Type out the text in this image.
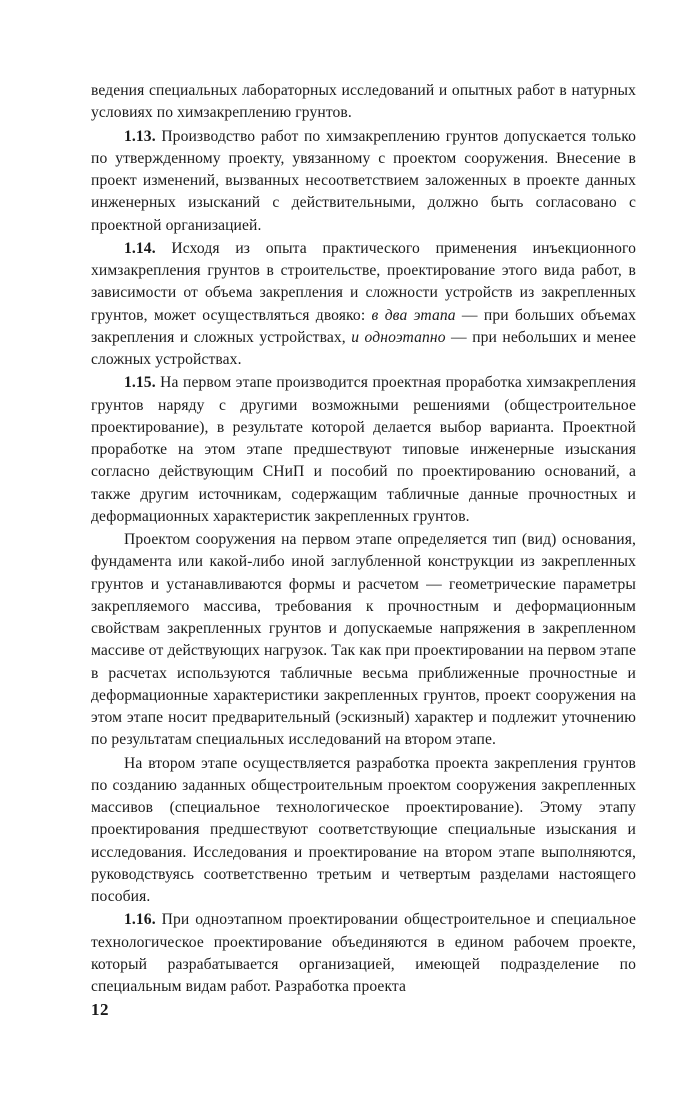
ведения специальных лабораторных исследований и опытных работ в натурных условиях по химзакреплению грунтов.

1.13. Производство работ по химзакреплению грунтов допускается только по утвержденному проекту, увязанному с проектом сооружения. Внесение в проект изменений, вызванных несоответствием заложенных в проекте данных инженерных изысканий с действительными, должно быть согласовано с проектной организацией.

1.14. Исходя из опыта практического применения инъекционного химзакрепления грунтов в строительстве, проектирование этого вида работ, в зависимости от объема закрепления и сложности устройств из закрепленных грунтов, может осуществляться двояко: в два этапа — при больших объемах закрепления и сложных устройствах, и одноэтапно — при небольших и менее сложных устройствах.

1.15. На первом этапе производится проектная проработка химзакрепления грунтов наряду с другими возможными решениями (общестроительное проектирование), в результате которой делается выбор варианта. Проектной проработке на этом этапе предшествуют типовые инженерные изыскания согласно действующим СНиП и пособий по проектированию оснований, а также другим источникам, содержащим табличные данные прочностных и деформационных характеристик закрепленных грунтов.

Проектом сооружения на первом этапе определяется тип (вид) основания, фундамента или какой-либо иной заглубленной конструкции из закрепленных грунтов и устанавливаются формы и расчетом — геометрические параметры закрепляемого массива, требования к прочностным и деформационным свойствам закрепленных грунтов и допускаемые напряжения в закрепленном массиве от действующих нагрузок. Так как при проектировании на первом этапе в расчетах используются табличные весьма приближенные прочностные и деформационные характеристики закрепленных грунтов, проект сооружения на этом этапе носит предварительный (эскизный) характер и подлежит уточнению по результатам специальных исследований на втором этапе.

На втором этапе осуществляется разработка проекта закрепления грунтов по созданию заданных общестроительным проектом сооружения закрепленных массивов (специальное технологическое проектирование). Этому этапу проектирования предшествуют соответствующие специальные изыскания и исследования. Исследования и проектирование на втором этапе выполняются, руководствуясь соответственно третьим и четвертым разделами настоящего пособия.

1.16. При одноэтапном проектировании общестроительное и специальное технологическое проектирование объединяются в едином рабочем проекте, который разрабатывается организацией, имеющей подразделение по специальным видам работ. Разработка проекта

12
